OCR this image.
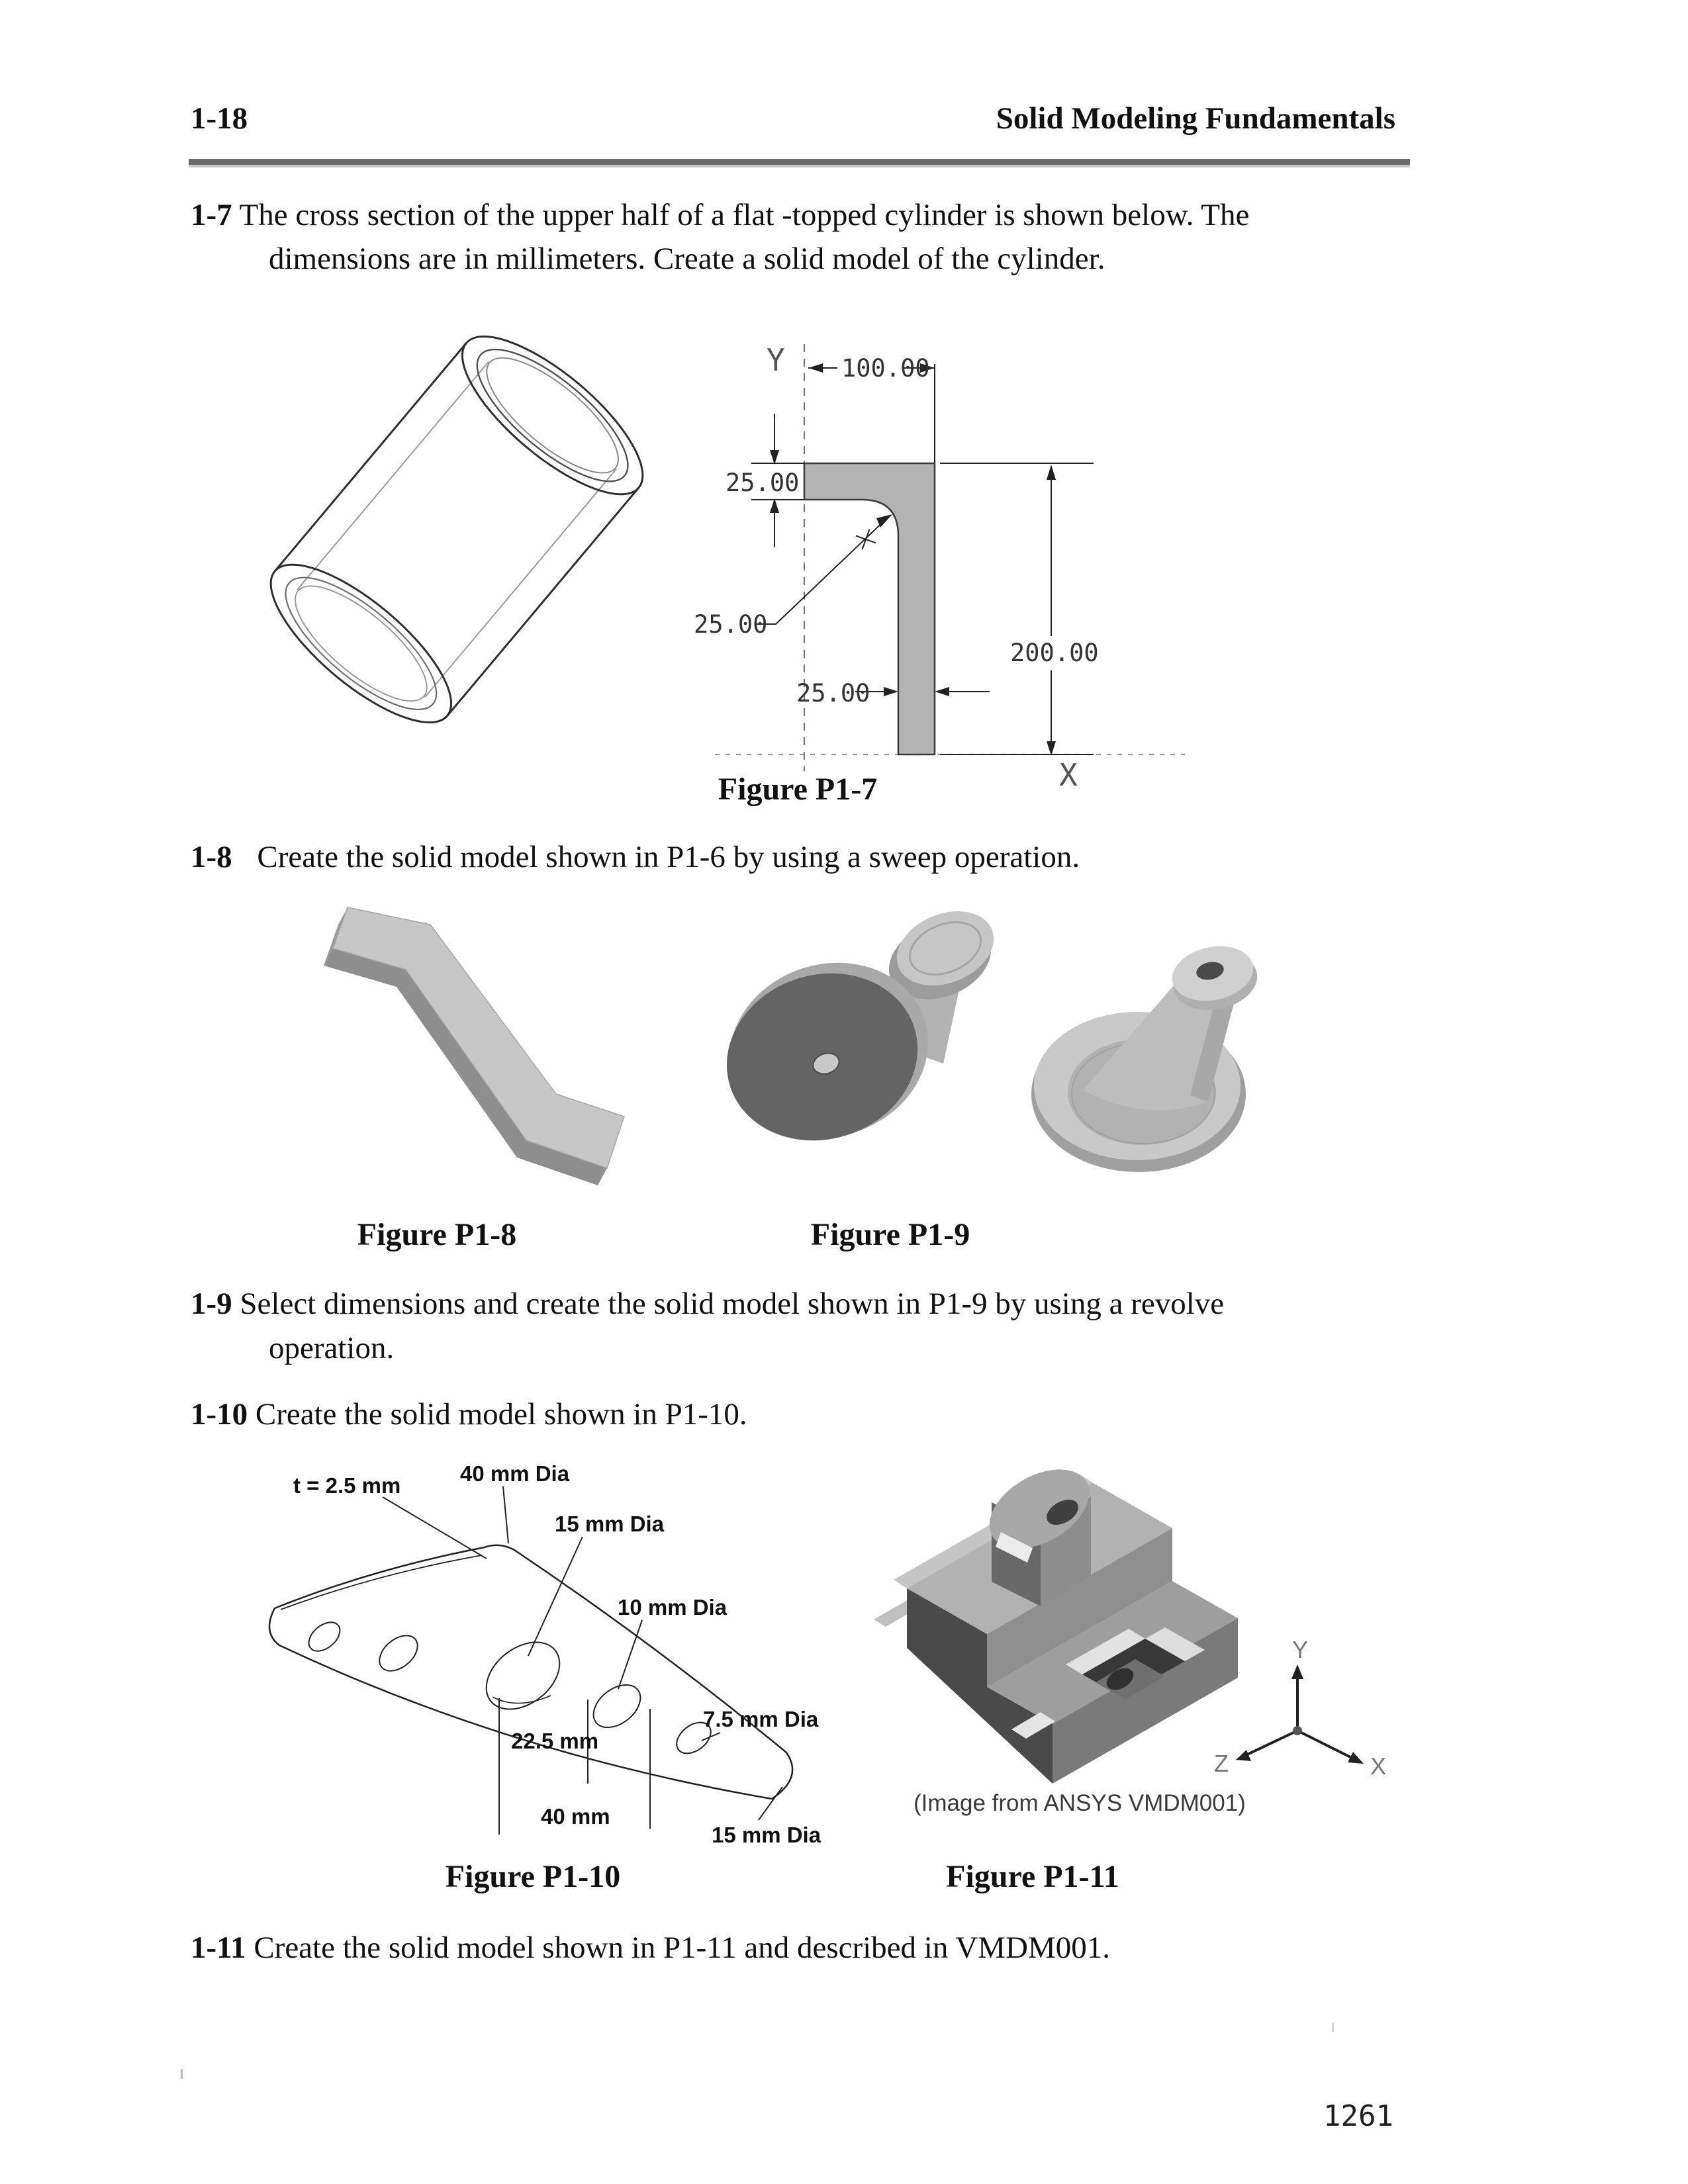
1-18	Solid Modeling Fundamentals
1-7 The cross section of the upper half of a flat -topped cylinder is shown below. The
dimensions are in millimeters. Create a solid model of the cylinder.
Y
X
100.00
25.00
25.00
25.00
200.00
Figure P1-7
1-8 Create the solid model shown in P1-6 by using a sweep operation.
Figure P1-8	Figure P1-9
1-9 Select dimensions and create the solid model shown in P1-9 by using a revolve
operation.
1-10 Create the solid model shown in P1-10.
t = 2.5 mm	40 mm Dia
15 mm Dia
10 mm Dia
7.5 mm Dia
15 mm Dia
22.5 mm
40 mm
Y
X
Z
(Image from ANSYS VMDM001)
Figure P1-10	Figure P1-11
1-11 Create the solid model shown in P1-11 and described in VMDM001.
1261
